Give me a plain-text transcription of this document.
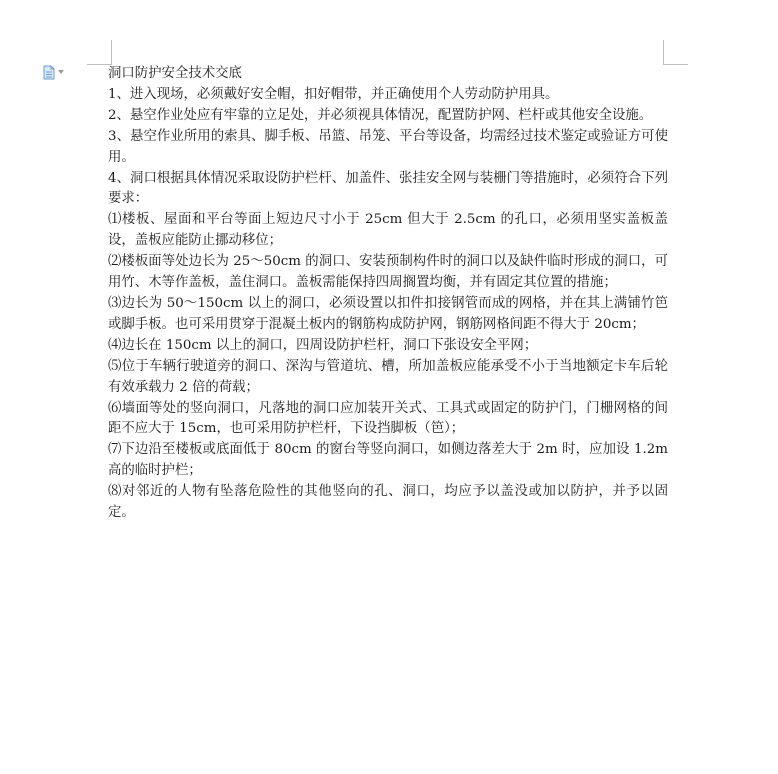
洞口防护安全技术交底

1、进入现场，必须戴好安全帽，扣好帽带，并正确使用个人劳动防护用具。

2、悬空作业处应有牢靠的立足处，并必须视具体情况，配置防护网、栏杆或其他安全设施。

3、悬空作业所用的索具、脚手板、吊篮、吊笼、平台等设备，均需经过技术鉴定或验证方可使用。

4、洞口根据具体情况采取设防护栏杆、加盖件、张挂安全网与装栅门等措施时，必须符合下列要求：

⑴楼板、屋面和平台等面上短边尺寸小于 25cm 但大于 2.5cm 的孔口，必须用坚实盖板盖设，盖板应能防止挪动移位；

⑵楼板面等处边长为 25～50cm 的洞口、安装预制构件时的洞口以及缺件临时形成的洞口，可用竹、木等作盖板，盖住洞口。盖板需能保持四周搁置均衡，并有固定其位置的措施；

⑶边长为 50～150cm 以上的洞口，必须设置以扣件扣接钢管而成的网格，并在其上满铺竹笆或脚手板。也可采用贯穿于混凝土板内的钢筋构成防护网，钢筋网格间距不得大于 20cm；

⑷边长在 150cm 以上的洞口，四周设防护栏杆，洞口下张设安全平网；

⑸位于车辆行驶道旁的洞口、深沟与管道坑、槽，所加盖板应能承受不小于当地额定卡车后轮有效承载力 2 倍的荷载；

⑹墙面等处的竖向洞口，凡落地的洞口应加装开关式、工具式或固定的防护门，门栅网格的间距不应大于 15cm，也可采用防护栏杆，下设挡脚板（笆）；

⑺下边沿至楼板或底面低于 80cm 的窗台等竖向洞口，如侧边落差大于 2m 时，应加设 1.2m 高的临时护栏；

⑻对邻近的人物有坠落危险性的其他竖向的孔、洞口，均应予以盖没或加以防护，并予以固定。
